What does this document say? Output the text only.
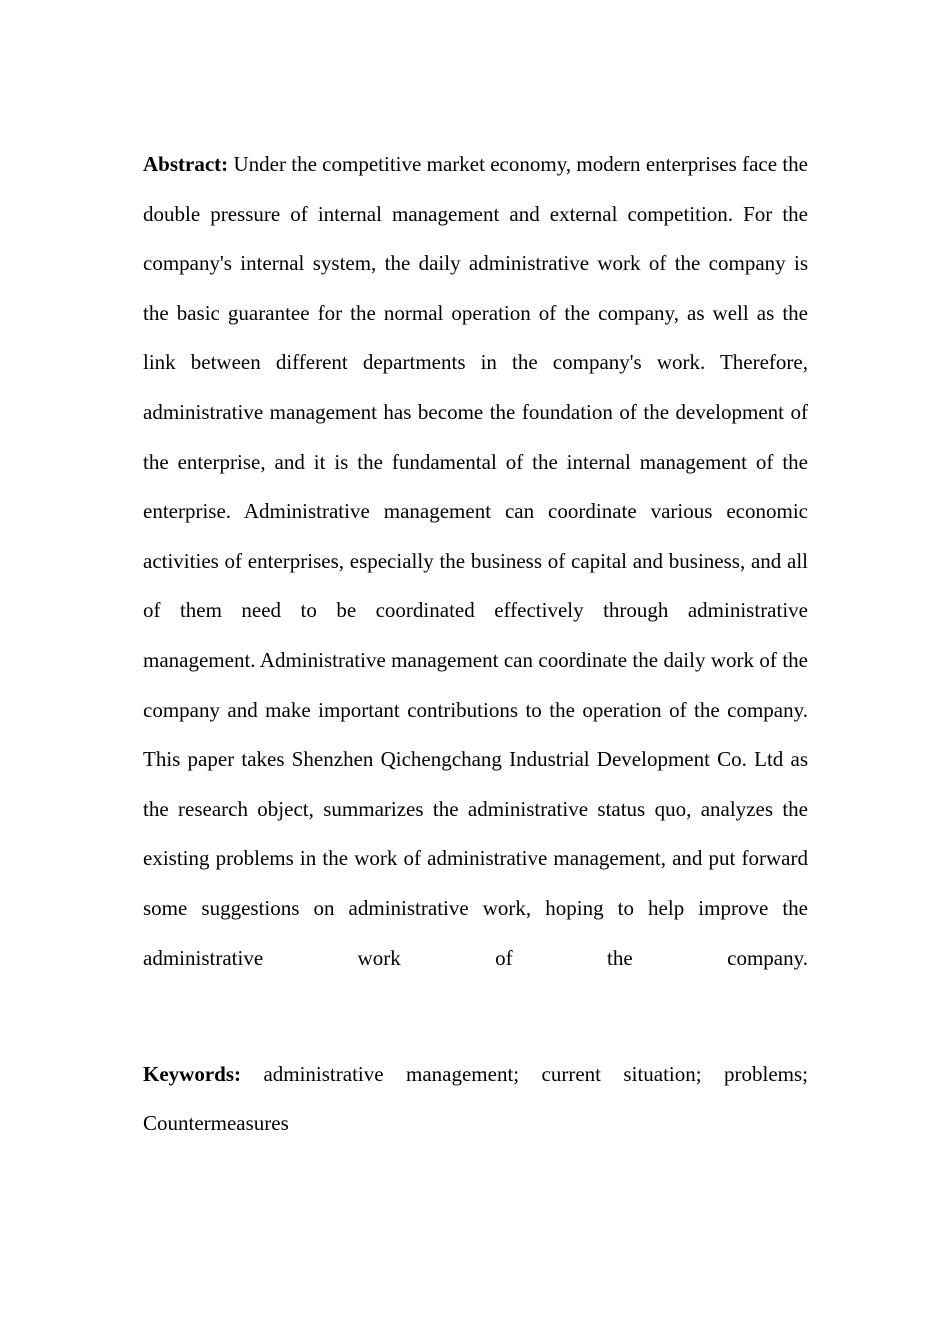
Abstract: Under the competitive market economy, modern enterprises face the double pressure of internal management and external competition. For the company's internal system, the daily administrative work of the company is the basic guarantee for the normal operation of the company, as well as the link between different departments in the company's work. Therefore, administrative management has become the foundation of the development of the enterprise, and it is the fundamental of the internal management of the enterprise. Administrative management can coordinate various economic activities of enterprises, especially the business of capital and business, and all of them need to be coordinated effectively through administrative management. Administrative management can coordinate the daily work of the company and make important contributions to the operation of the company. This paper takes Shenzhen Qichengchang Industrial Development Co. Ltd as the research object, summarizes the administrative status quo, analyzes the existing problems in the work of administrative management, and put forward some suggestions on administrative work, hoping to help improve the administrative work of the company.

Keywords: administrative management; current situation; problems; Countermeasures
